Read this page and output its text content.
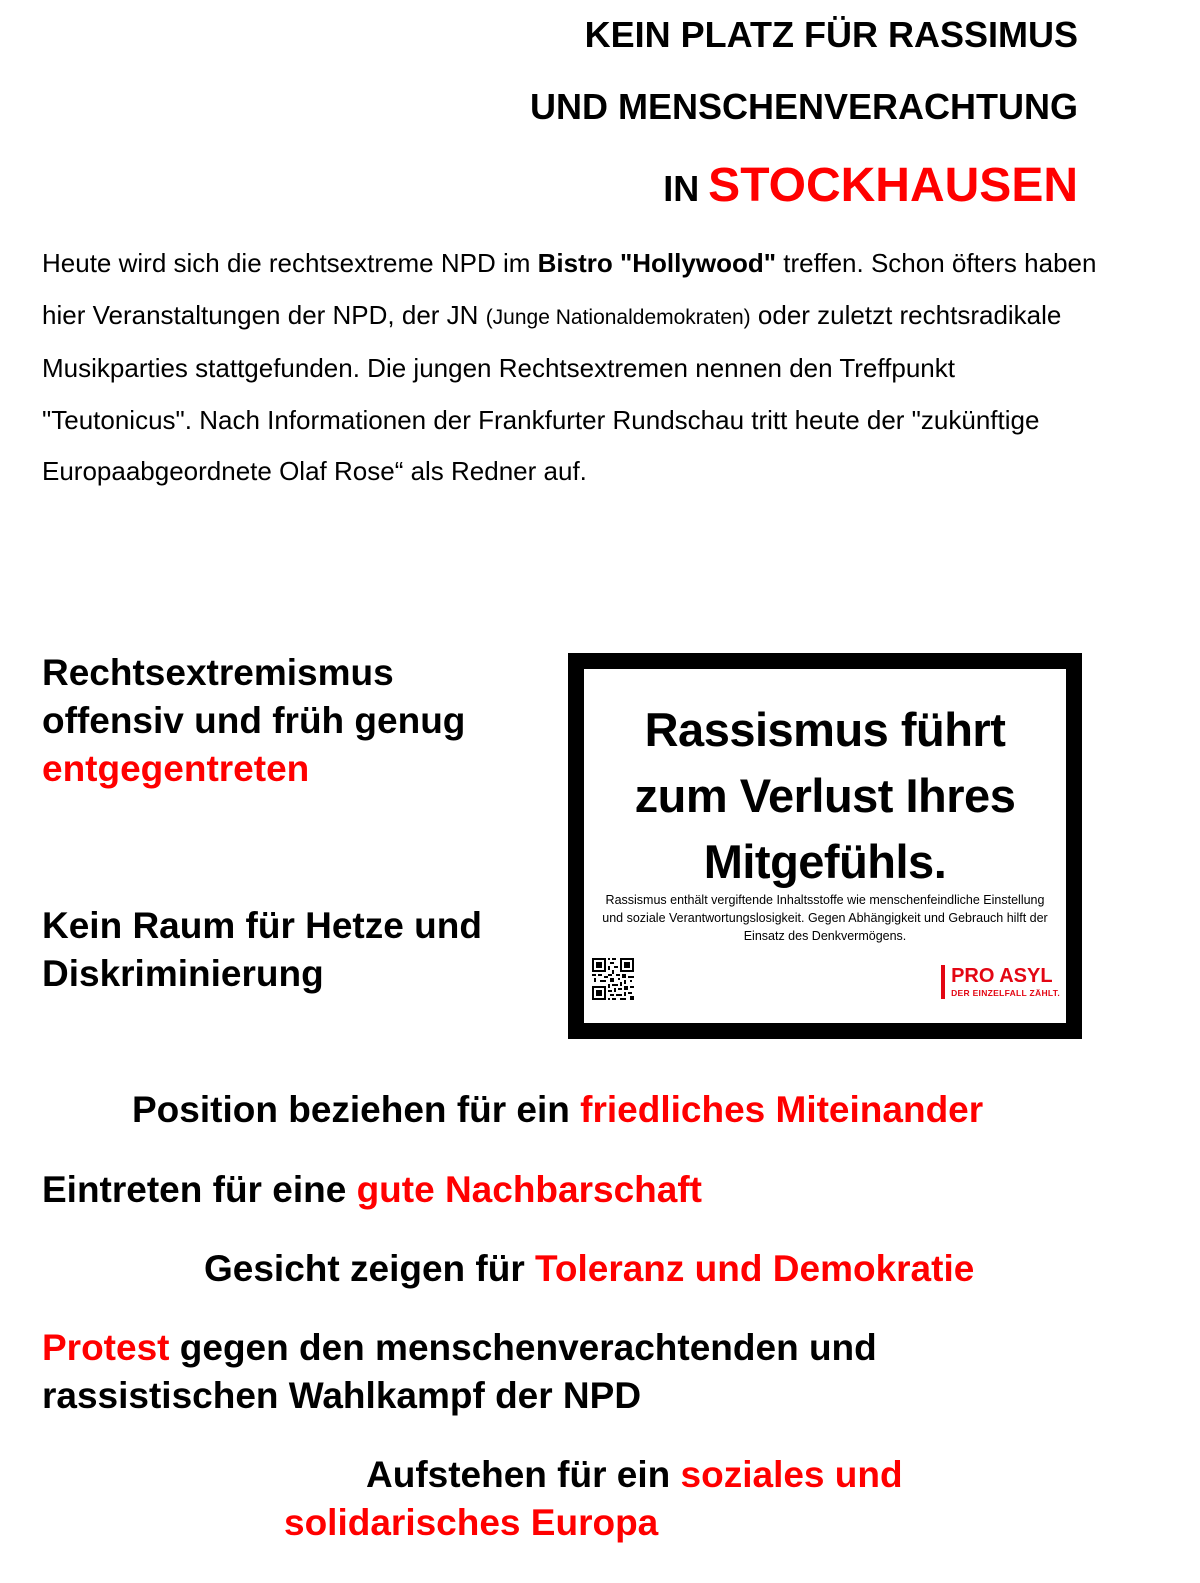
KEIN PLATZ FÜR RASSIMUS
UND MENSCHENVERACHTUNG
IN STOCKHAUSEN

Heute wird sich die rechtsextreme NPD im Bistro "Hollywood" treffen. Schon öfters haben hier Veranstaltungen der NPD, der JN (Junge Nationaldemokraten) oder zuletzt rechtsradikale Musikparties stattgefunden. Die jungen Rechtsextremen nennen den Treffpunkt "Teutonicus". Nach Informationen der Frankfurter Rundschau tritt heute der "zukünftige Europaabgeordnete Olaf Rose“ als Redner auf.

Rechtsextremismus
offensiv und früh genug
entgegentreten
Kein Raum für Hetze und
Diskriminierung
Rassismus führt
zum Verlust Ihres
Mitgefühls.
Rassismus enthält vergiftende Inhaltsstoffe wie menschenfeindliche Einstellung
und soziale Verantwortungslosigkeit. Gegen Abhängigkeit und Gebrauch hilft der
Einsatz des Denkvermögens.
PRO ASYL
DER EINZELFALL ZÄHLT.
Position beziehen für ein friedliches Miteinander
Eintreten für eine gute Nachbarschaft
Gesicht zeigen für Toleranz und Demokratie
Protest gegen den menschenverachtenden und
rassistischen Wahlkampf der NPD
Aufstehen für ein soziales und
solidarisches Europa
